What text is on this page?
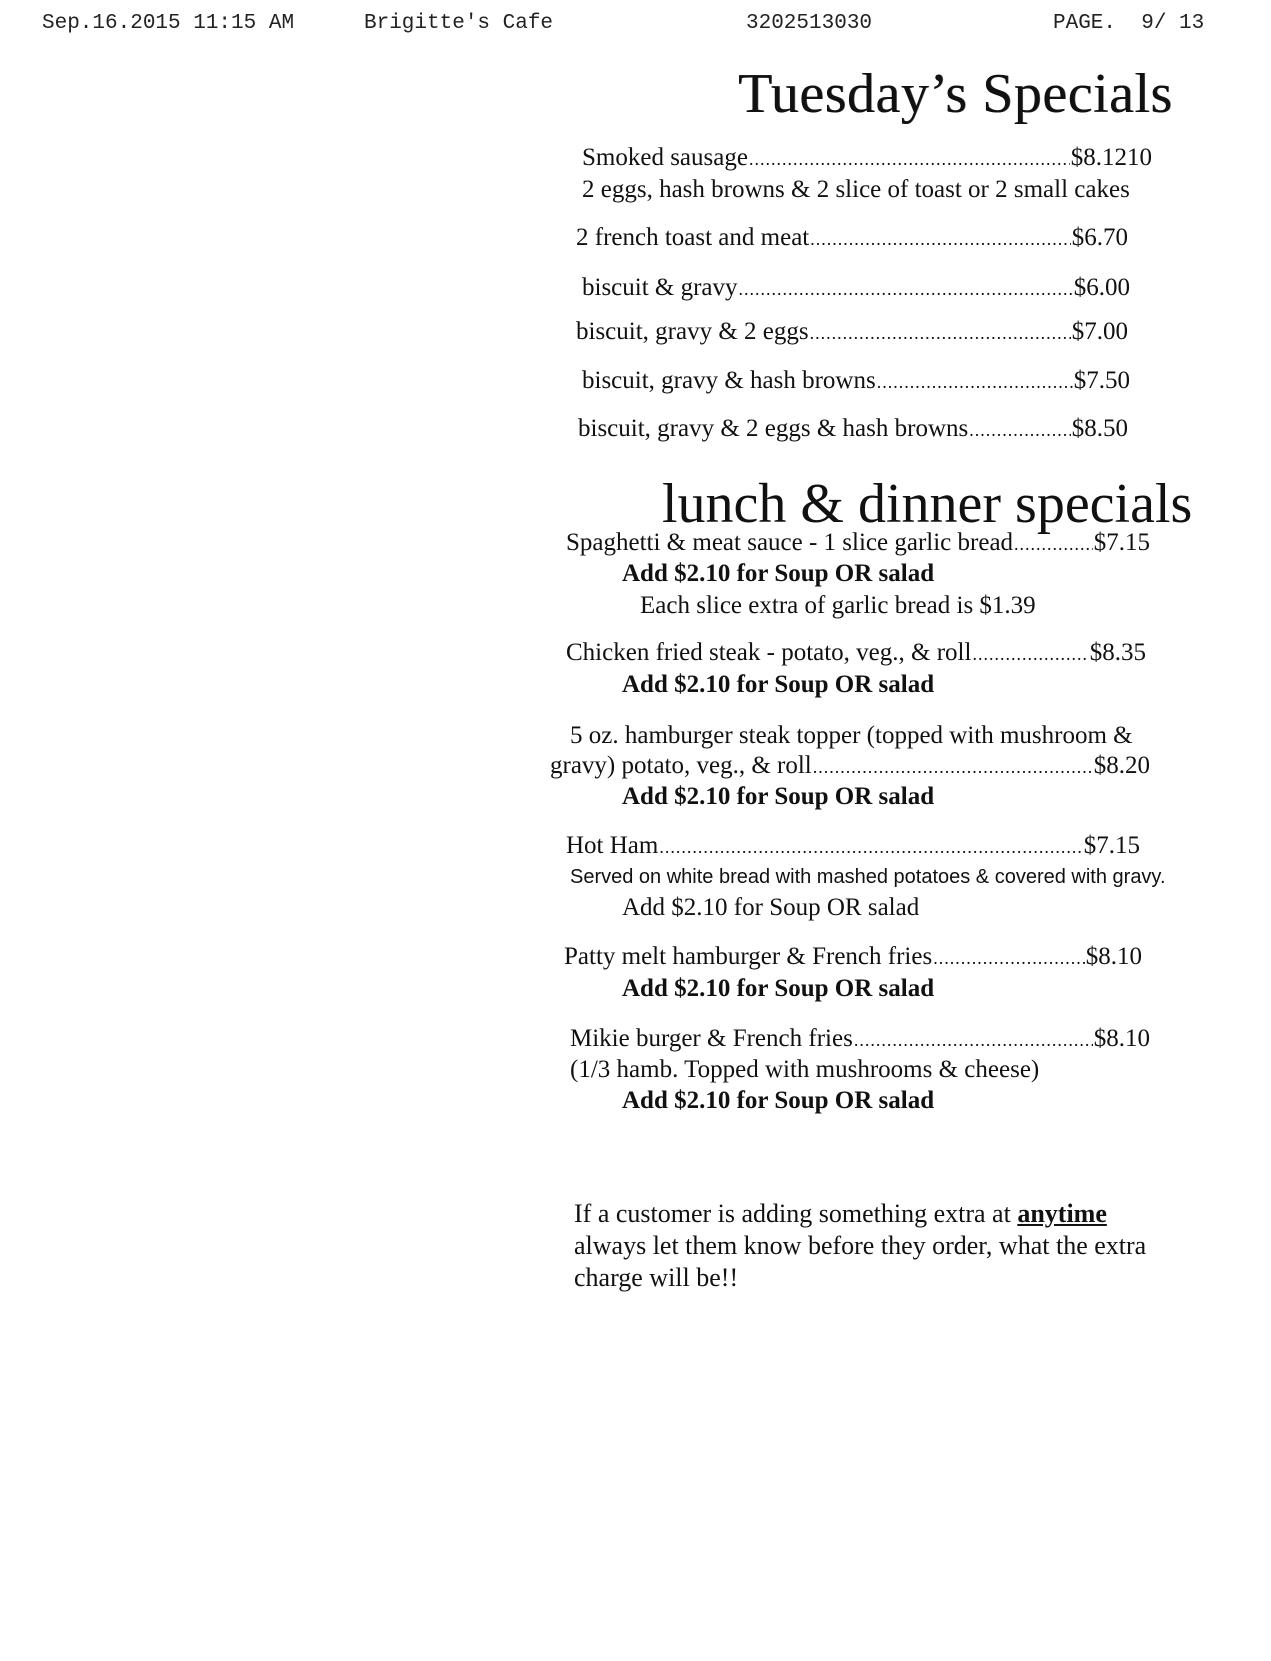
Sep.16.2015 11:15 AM

	Brigitte's Cafe

	3202513030

	PAGE.  9/ 13

Tuesday’s Specials
Smoked sausage .....	$8.1210
2 eggs, hash browns & 2 slice of toast or 2 small cakes
2 french toast and meat .....	$6.70
biscuit & gravy .....	$6.00
biscuit, gravy & 2 eggs .....	$7.00
biscuit, gravy & hash browns .....	$7.50
biscuit, gravy & 2 eggs & hash browns .....	$8.50
lunch & dinner specials
Spaghetti & meat sauce - 1 slice garlic bread .....	$7.15
Add $2.10 for Soup OR salad
Each slice extra of garlic bread is $1.39
Chicken fried steak - potato, veg., & roll .....	$8.35
Add $2.10 for Soup OR salad
5 oz. hamburger steak topper (topped with mushroom &
gravy) potato, veg., & roll .....	$8.20
Add $2.10 for Soup OR salad
Hot Ham .....	$7.15
Served on white bread with mashed potatoes & covered with gravy.
Add $2.10 for Soup OR salad
Patty melt hamburger & French fries .....	$8.10
Add $2.10 for Soup OR salad
Mikie burger & French fries .....	$8.10
(1/3 hamb. Topped with mushrooms & cheese)
Add $2.10 for Soup OR salad
If a customer is adding something extra at anytime always let them know before they order, what the extra charge will be!!
